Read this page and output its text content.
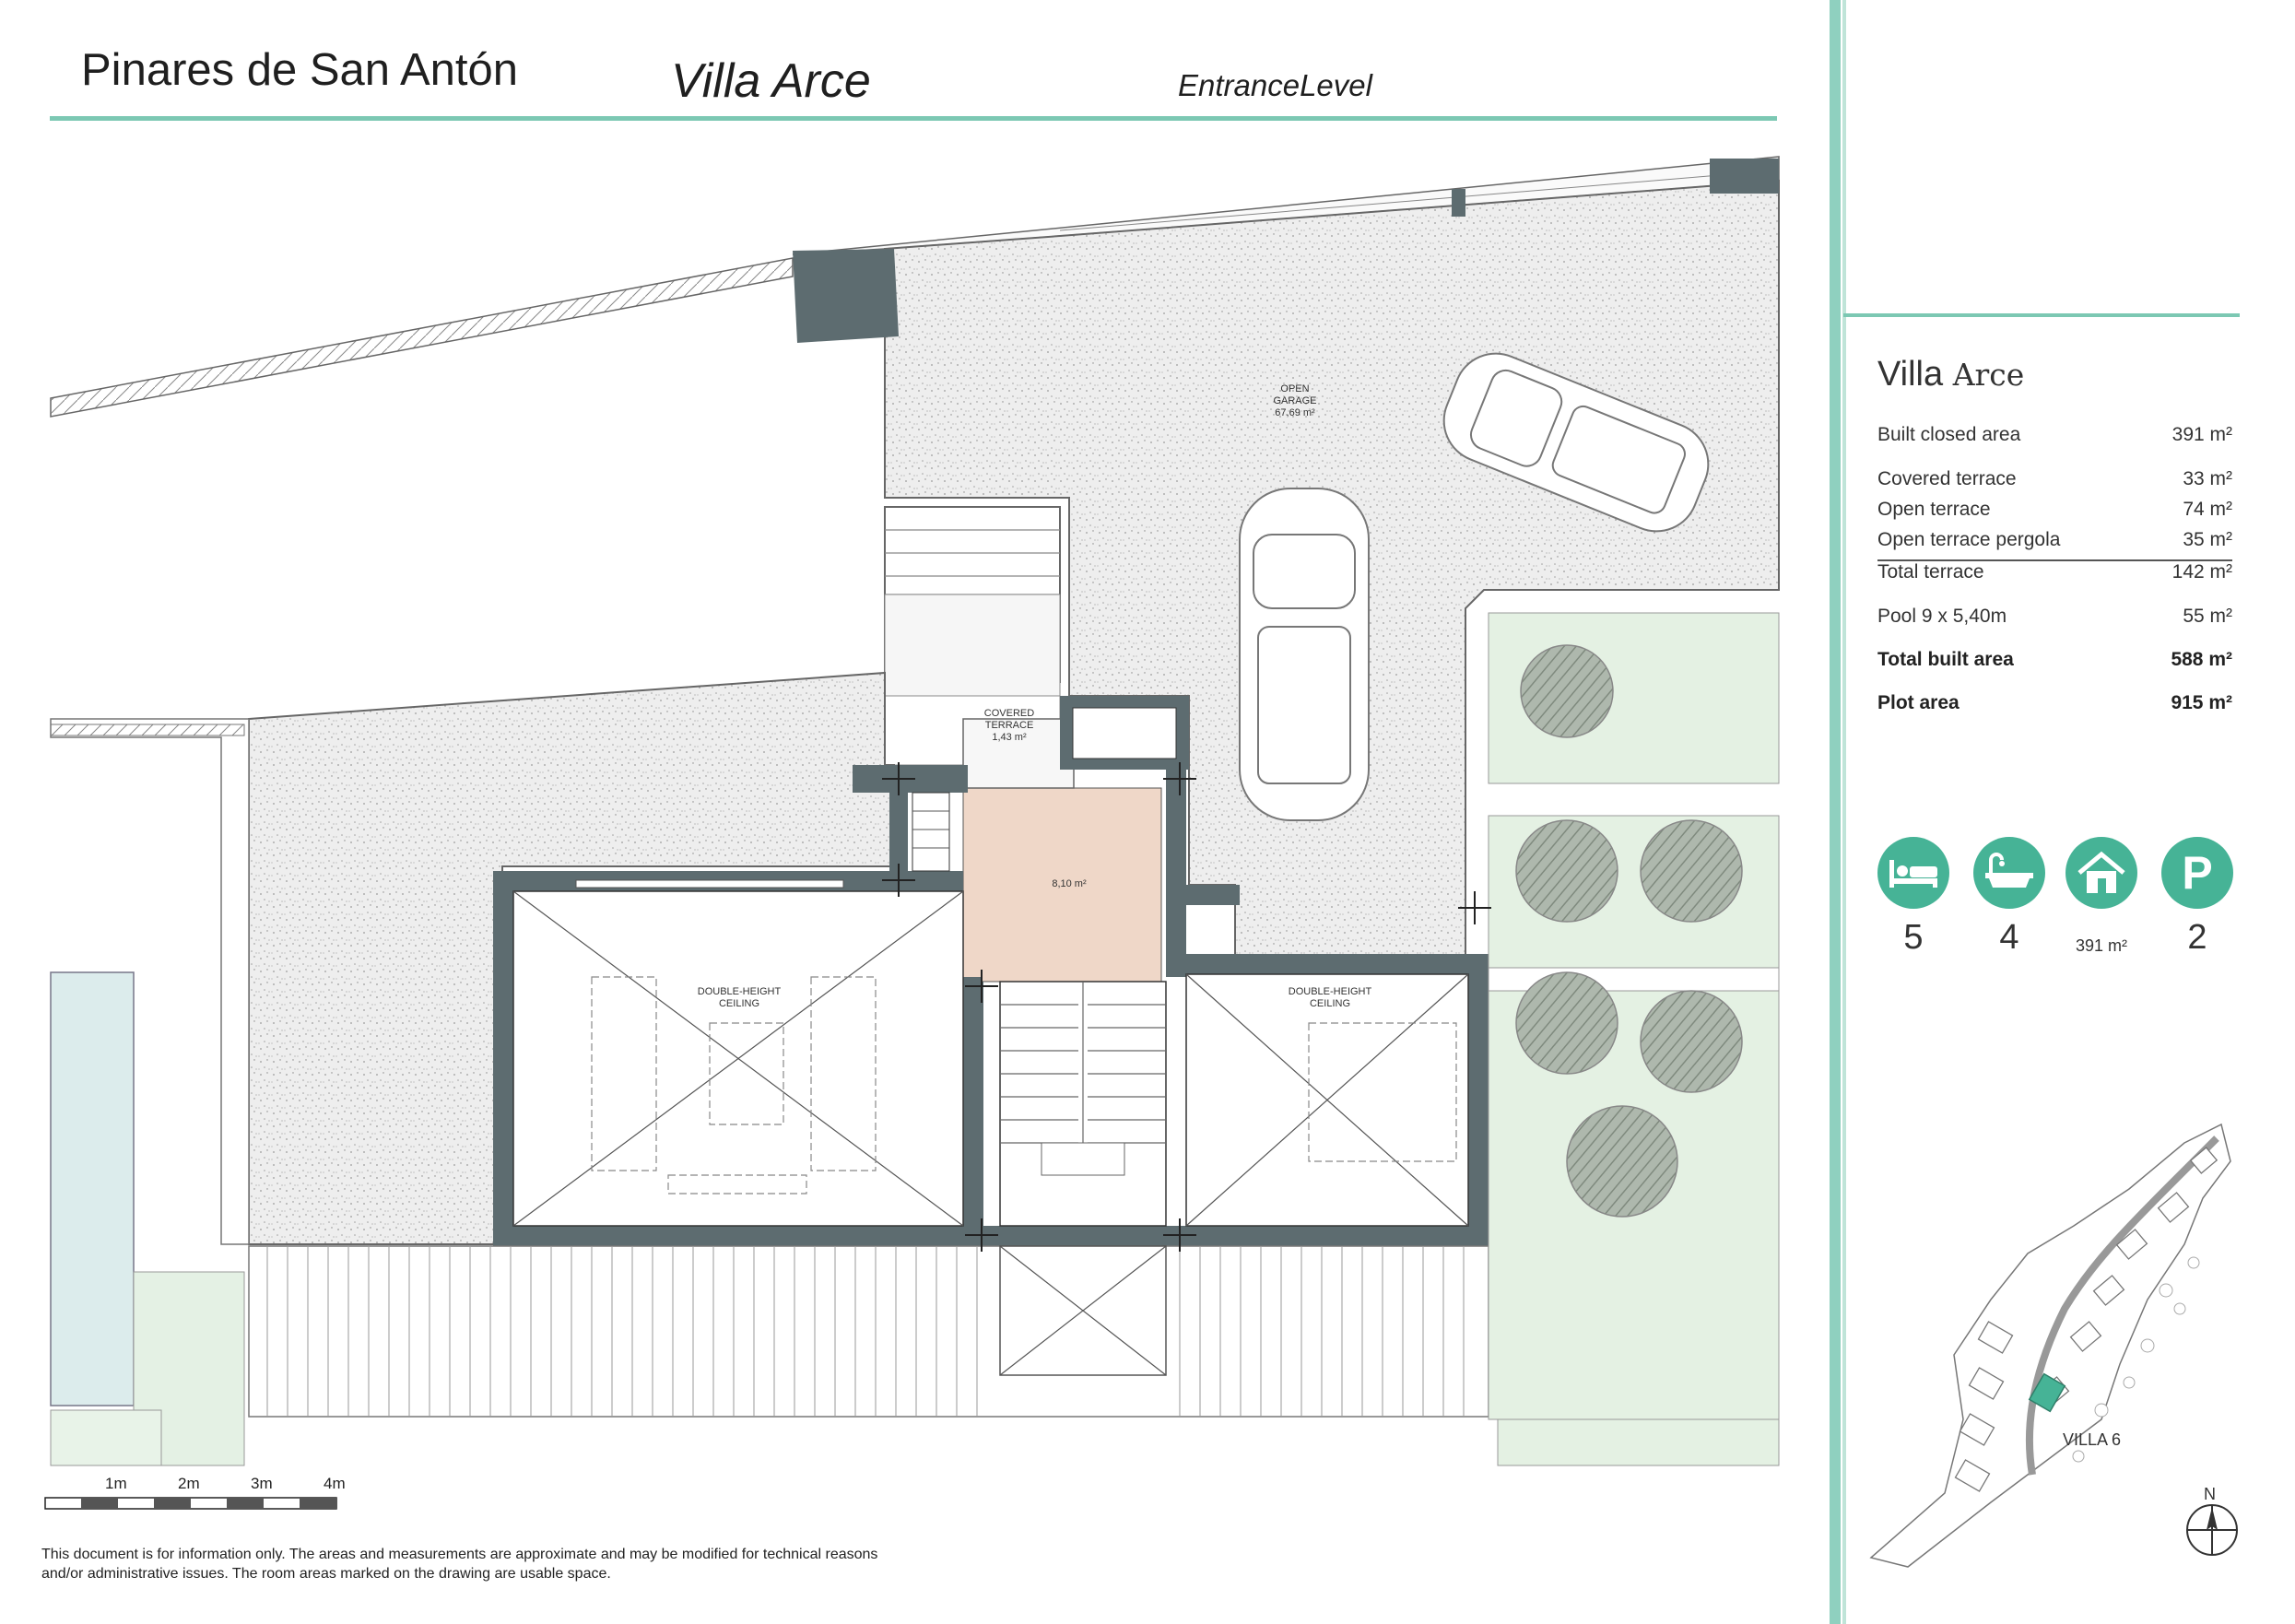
Pinares de San Antón	Villa Arce	EntranceLevel
OPEN
GARAGE
67,69 m²
COVERED
TERRACE
1,43 m²
8,10 m²
DOUBLE-HEIGHT
CEILING
DOUBLE-HEIGHT
CEILING
1m	2m	3m	4m
This document is for information only. The areas and measurements are approximate and may be modified for technical reasons and/or administrative issues. The room areas marked on the drawing are usable space.
Villa Arce
Built closed area	391 m²
Covered terrace	33 m²
Open terrace	74 m²
Open terrace pergola	35 m²
Total terrace	142 m²
Pool 9 x 5,40m	55 m²
Total built area	588 m²
Plot area	915 m²
P
5	4	391 m²	2
VILLA 6
N
